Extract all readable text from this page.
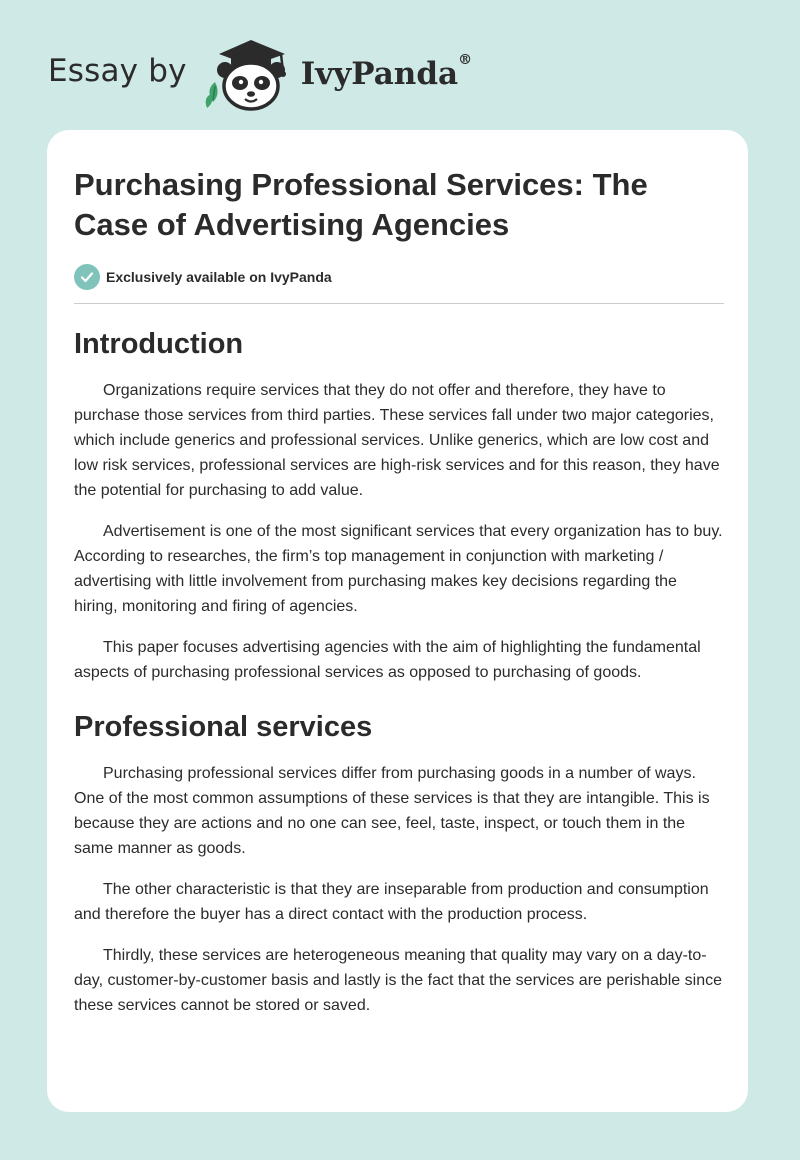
Essay by	IvyPanda®
Purchasing Professional Services: The Case of Advertising Agencies
Exclusively available on IvyPanda
Introduction

Organizations require services that they do not offer and therefore, they have to purchase those services from third parties. These services fall under two major categories, which include generics and professional services. Unlike generics, which are low cost and low risk services, professional services are high-risk services and for this reason, they have the potential for purchasing to add value.

Advertisement is one of the most significant services that every organization has to buy. According to researches, the firm’s top management in conjunction with marketing / advertising with little involvement from purchasing makes key decisions regarding the hiring, monitoring and firing of agencies.

This paper focuses advertising agencies with the aim of highlighting the fundamental aspects of purchasing professional services as opposed to purchasing of goods.

Professional services

Purchasing professional services differ from purchasing goods in a number of ways. One of the most common assumptions of these services is that they are intangible. This is because they are actions and no one can see, feel, taste, inspect, or touch them in the same manner as goods.

The other characteristic is that they are inseparable from production and consumption and therefore the buyer has a direct contact with the production process.

Thirdly, these services are heterogeneous meaning that quality may vary on a day-to-day, customer-by-customer basis and lastly is the fact that the services are perishable since these services cannot be stored or saved.
